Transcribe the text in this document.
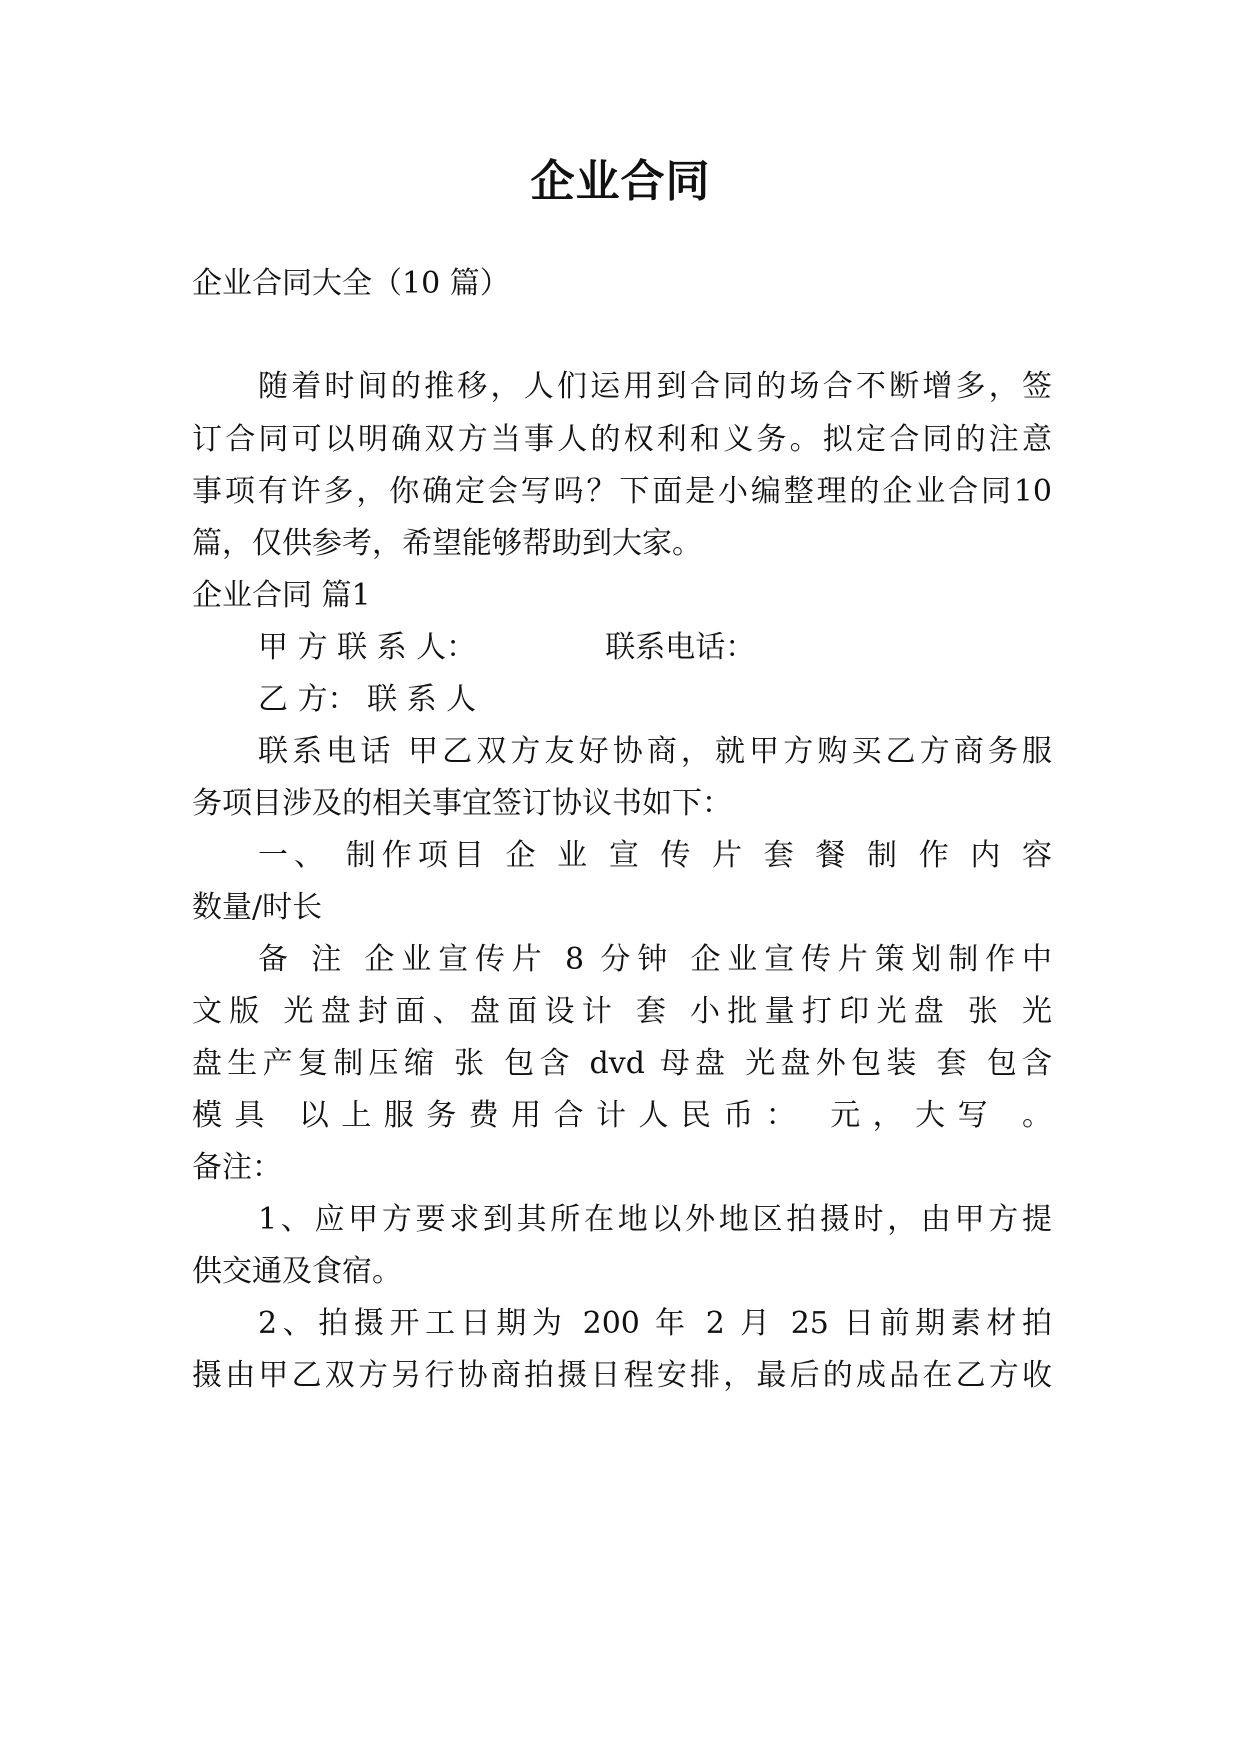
企业合同
企业合同大全（10 篇）
随着时间的推移，人们运用到合同的场合不断增多，签
订合同可以明确双方当事人的权利和义务。拟定合同的注意
事项有许多，你确定会写吗？下面是小编整理的企业合同10
篇，仅供参考，希望能够帮助到大家。
企业合同 篇1
甲 方 联 系 人：	联系电话：
乙 方： 联 系 人
联系电话 甲乙双方友好协商，就甲方购买乙方商务服
务项目涉及的相关事宜签订协议书如下：
一、 制作项目 企 业 宣 传 片 套 餐 制 作 内 容
数量/时长
备 注 企业宣传片 8 分钟 企业宣传片策划制作中
文版 光盘封面、盘面设计 套 小批量打印光盘 张 光
盘生产复制压缩 张 包含 dvd 母盘 光盘外包装 套 包含
模具 以上服务费用合计人民币： 元，大写 。
备注：
1、应甲方要求到其所在地以外地区拍摄时，由甲方提
供交通及食宿。
2、拍摄开工日期为 200 年 2 月 25 日前期素材拍
摄由甲乙双方另行协商拍摄日程安排，最后的成品在乙方收
